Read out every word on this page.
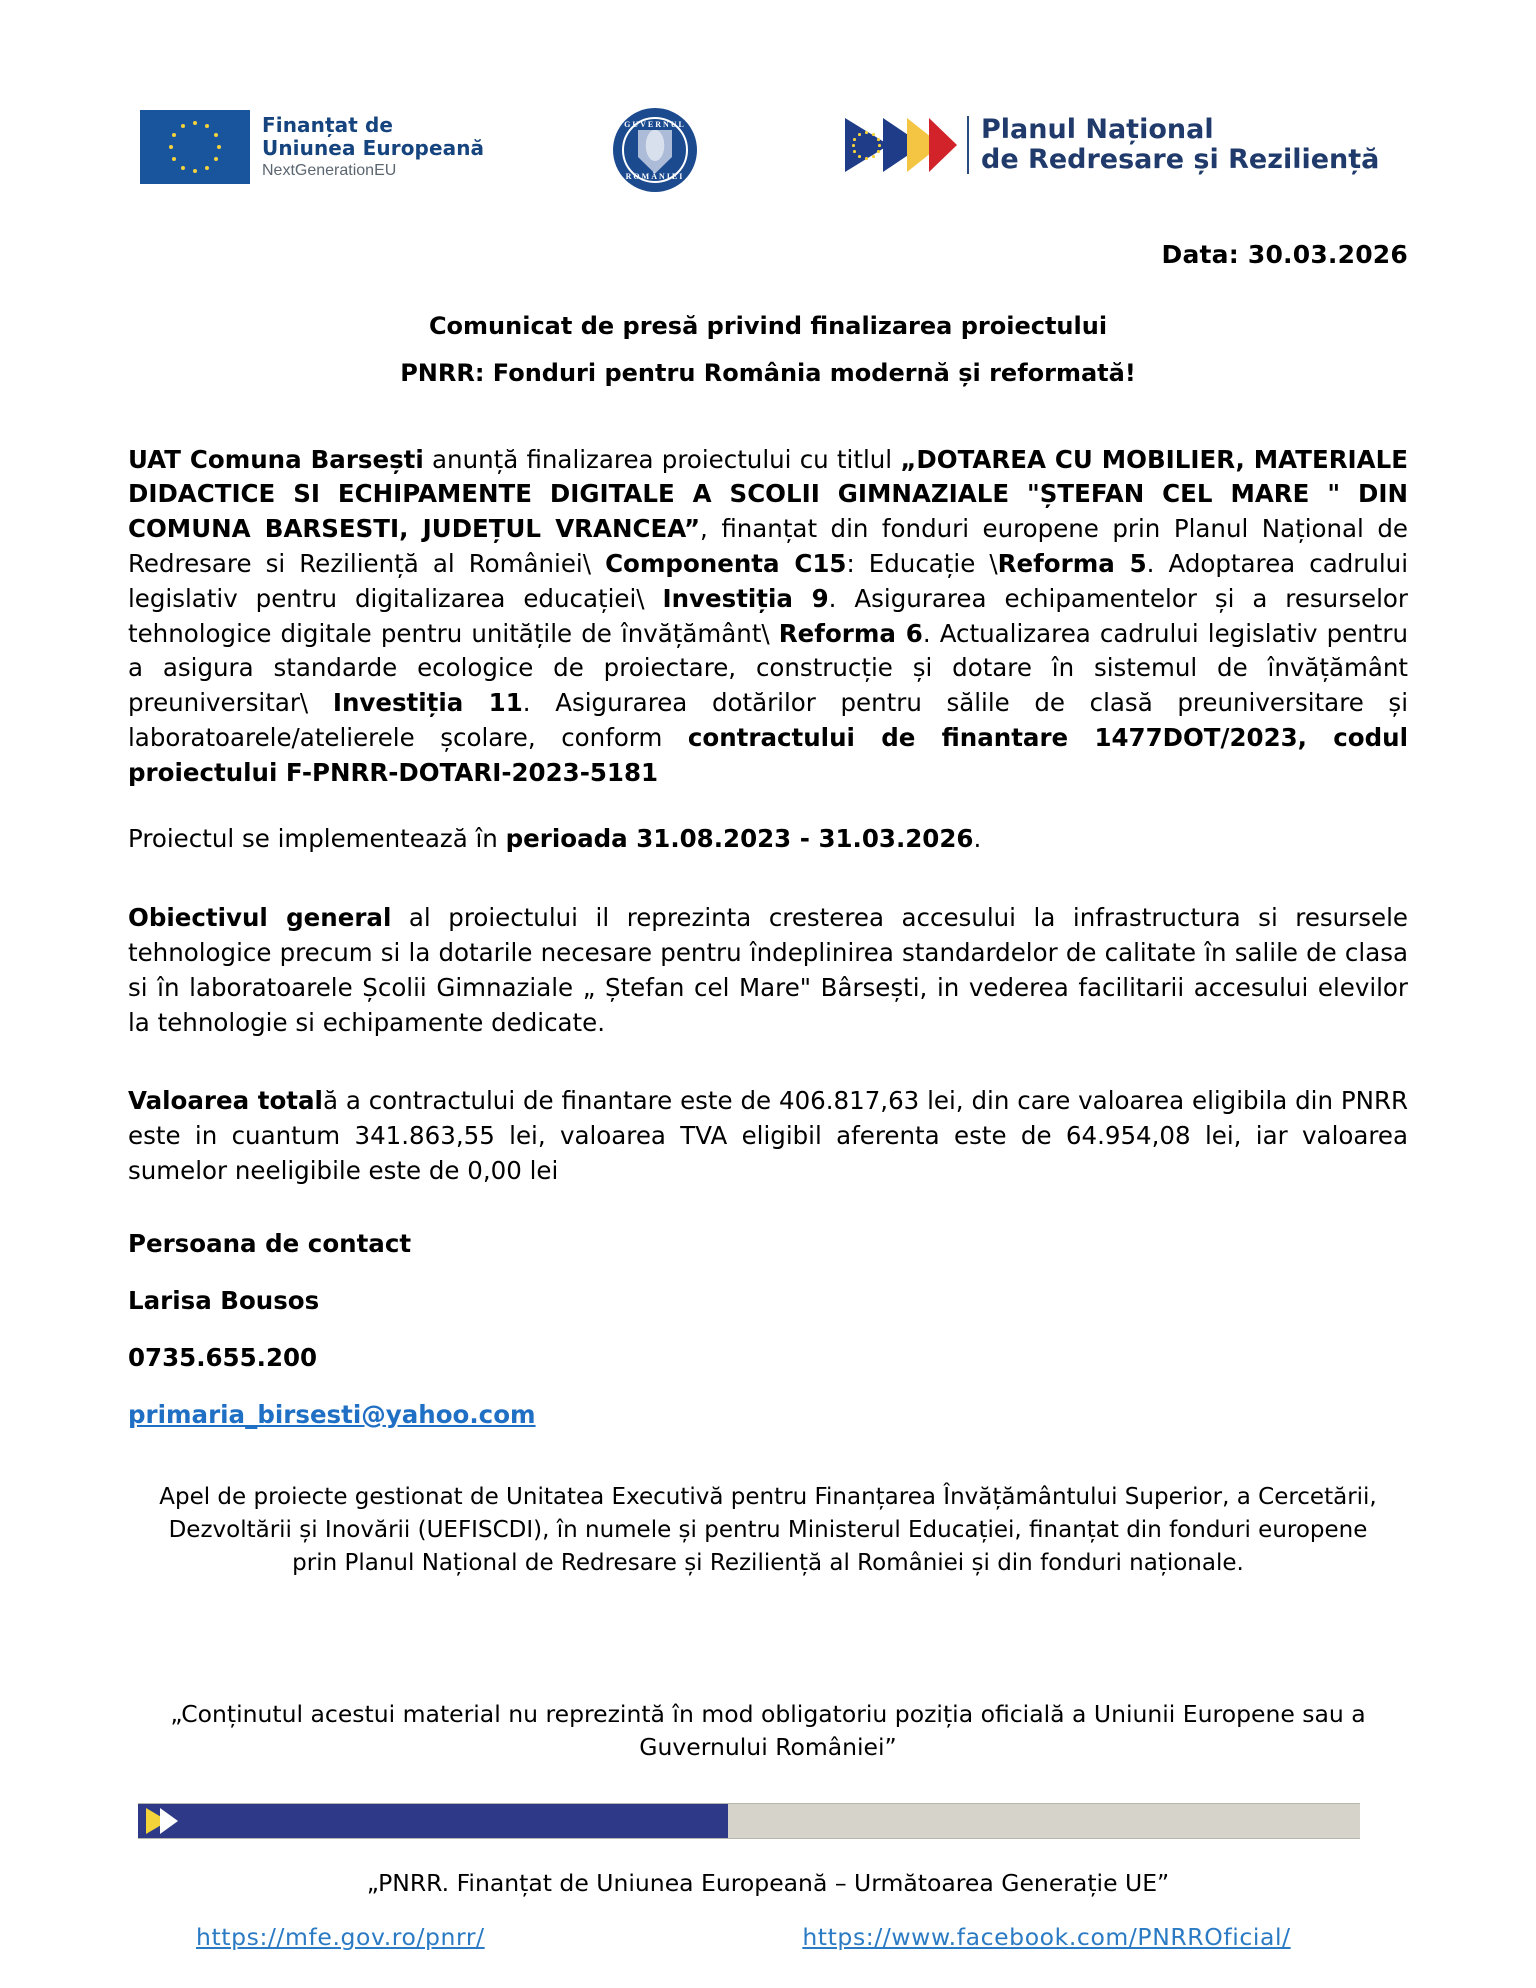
Finanțat de
Uniunea Europeană
NextGenerationEU
GUVERNUL
ROMÂNIEI
Planul Național
de Redresare și Reziliență
Data: 30.03.2026
Comunicat de presă privind finalizarea proiectului
PNRR: Fonduri pentru România modernă și reformată!

UAT Comuna Barsești anunță finalizarea proiectului cu titlul „DOTAREA CU MOBILIER, MATERIALE DIDACTICE SI ECHIPAMENTE DIGITALE A SCOLII GIMNAZIALE "ȘTEFAN CEL MARE " DIN COMUNA BARSESTI, JUDEȚUL VRANCEA”, finanțat din fonduri europene prin Planul Național de Redresare si Reziliență al României\ Componenta C15: Educație \Reforma 5. Adoptarea cadrului legislativ pentru digitalizarea educației\ Investiția 9. Asigurarea echipamentelor și a resurselor tehnologice digitale pentru unitățile de învățământ\ Reforma 6. Actualizarea cadrului legislativ pentru a asigura standarde ecologice de proiectare, construcție și dotare în sistemul de învățământ preuniversitar\ Investiția 11. Asigurarea dotărilor pentru sălile de clasă preuniversitare și laboratoarele/atelierele școlare, conform contractului de finantare 1477DOT/2023, codul proiectului F-PNRR-DOTARI-2023-5181

Proiectul se implementează în perioada 31.08.2023 - 31.03.2026.

Obiectivul general al proiectului il reprezinta cresterea accesului la infrastructura si resursele tehnologice precum si la dotarile necesare pentru îndeplinirea standardelor de calitate în salile de clasa si în laboratoarele Școlii Gimnaziale „ Ștefan cel Mare" Bârsești, in vederea facilitarii accesului elevilor la tehnologie si echipamente dedicate.

Valoarea totală a contractului de finantare este de 406.817,63 lei, din care valoarea eligibila din PNRR este in cuantum 341.863,55 lei, valoarea TVA eligibil aferenta este de 64.954,08 lei, iar valoarea sumelor neeligibile este de 0,00 lei

Persoana de contact

Larisa Bousos

0735.655.200

primaria_birsesti@yahoo.com

Apel de proiecte gestionat de Unitatea Executivă pentru Finanțarea Învățământului Superior, a Cercetării, Dezvoltării și Inovării (UEFISCDI), în numele și pentru Ministerul Educației, finanțat din fonduri europene prin Planul Național de Redresare și Reziliență al României și din fonduri naționale.

„Conținutul acestui material nu reprezintă în mod obligatoriu poziția oficială a Uniunii Europene sau a Guvernului României”

„PNRR. Finanțat de Uniunea Europeană – Următoarea Generație UE”

https://mfe.gov.ro/pnrr/	https://www.facebook.com/PNRROficial/
